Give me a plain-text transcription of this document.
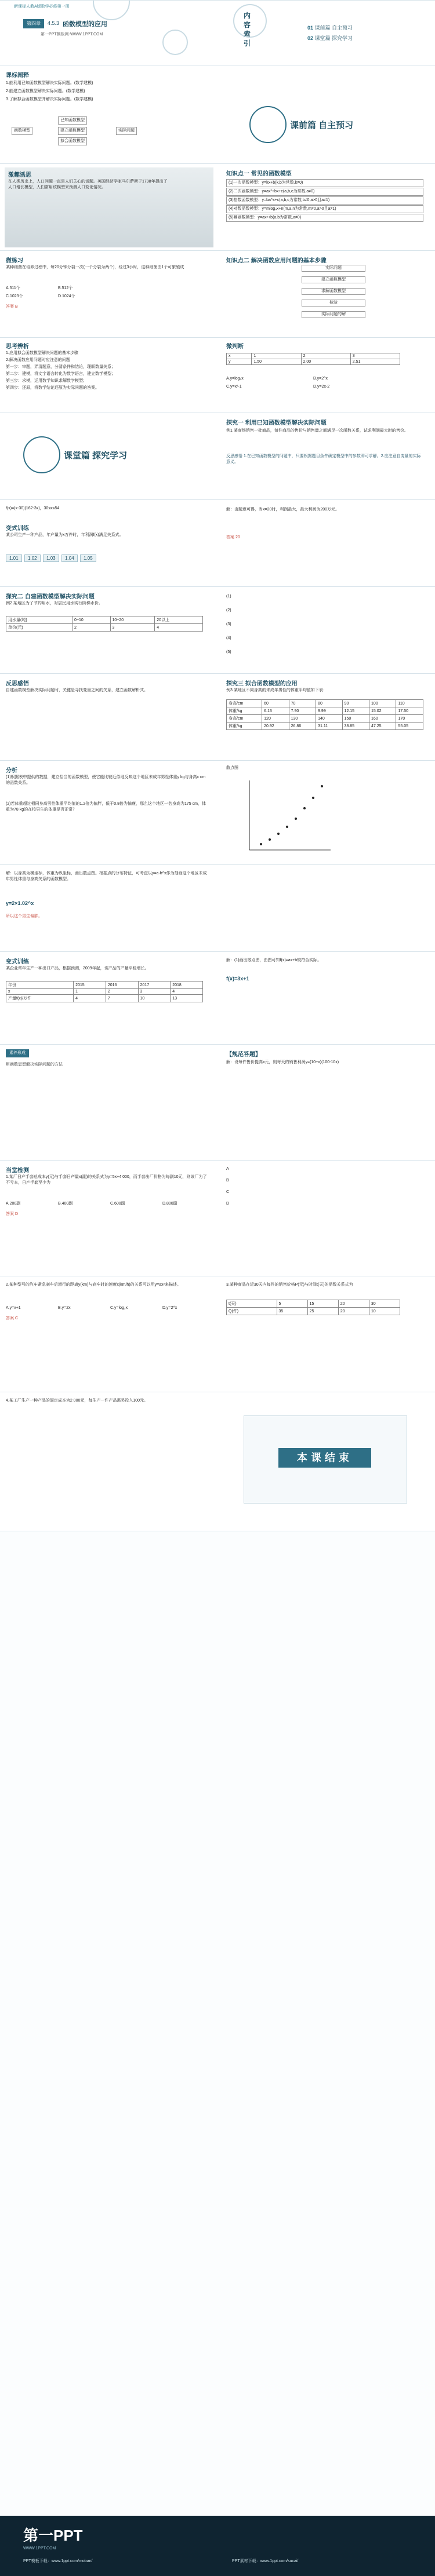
新课标人教A版数学必修第一册
第四章	4.5.3 函数模型的应用
第一PPT模板网-WWW.1PPT.COM
内容索引
01 课前篇 自主预习
02 课堂篇 探究学习
课标阐释
1.能利用已知函数模型解决实际问题。(数学建模)
2.能建立函数模型解决实际问题。(数学建模)
3.了解拟合函数模型并解决实际问题。(数学建模)
函数模型
已知函数模型
建立函数模型
拟合函数模型
实际问题
课前篇 自主预习
激趣诱思
在人类历史上，人口问题一直是人们关心的话题。英国经济学家马尔萨斯于1798年提出了人口增长模型，人们常用该模型来预测人口变化情况。
知识点一 常见的函数模型
(1)一次函数模型：y=kx+b(k,b为常数,k≠0)
(2)二次函数模型：y=ax²+bx+c(a,b,c为常数,a≠0)
(3)指数函数模型：y=ba^x+c(a,b,c为常数,b≠0,a>0且a≠1)
(4)对数函数模型：y=mlogₐx+n(m,a,n为常数,m≠0,a>0且a≠1)
(5)幂函数模型：y=axⁿ+b(a,b为常数,a≠0)
微练习
某种细菌在培养过程中，每20分钟分裂一次(一个分裂为两个)，经过3小时，这种细菌由1个可繁殖成
A.511个	B.512个
C.1023个	D.1024个
答案 B
知识点二 解决函数应用问题的基本步骤
实际问题
建立函数模型
求解函数模型
检验
实际问题的解
思考辨析
1.应用拟合函数模型解决问题的基本步骤
2.解决函数应用问题时应注意的问题
第一步：审题，弄清题意，分清条件和结论，理顺数量关系；
第二步：建模，将文字语言转化为数学语言，建立数学模型；
第三步：求模，运用数学知识求解数学模型；
第四步：还原，将数学结论还原为实际问题的答案。
微判断
x	1	2	3
y	1.50	2.00	2.51
A.y=log₂x	B.y=2^x
C.y=x²-1	D.y=2x-2
课堂篇 探究学习
探究一 利用已知函数模型解决实际问题
例1 某商场销售一批商品，每件商品的售价与销售量之间满足一次函数关系，试求利润最大时的售价。
反思感悟 1.在已知函数模型的问题中，只要根据题目条件确定模型中的参数即可求解。2.应注意自变量的实际意义。
f(x)=(x-30)(162-3x)，30≤x≤54
变式训练
某公司生产一种产品，年产量为x万件时，年利润f(x)满足关系式。
1.01 1.02 1.03 1.04 1.05
解：由题意可得，当x=20时，利润最大，最大利润为200万元。
答案 20
探究二 自建函数模型解决实际问题
例2 某地区为了节约用水，对居民用水实行阶梯水价。
用水量(吨)	0~10	10~20	20以上
单价(元)	2	3	4
(1)
(2)
(3)
(4)
(5)
反思感悟
自建函数模型解决实际问题时，关键是寻找变量之间的关系，建立函数解析式。
探究三 拟合函数模型的应用
例3 某地区不同身高的未成年男性的体重平均值如下表：
身高/cm	60	70	80	90	100	110
体重/kg	6.13	7.90	9.99	12.15	15.02	17.50
身高/cm	120	130	140	150	160	170
体重/kg	20.92	26.86	31.11	38.85	47.25	55.05
分析
(1)根据表中提供的数据，建立恰当的函数模型，使它能比较近似地反映这个地区未成年男性体重y kg与身高x cm的函数关系。
(2)若体重超过相同身高男性体重平均值的1.2倍为偏胖，低于0.8倍为偏瘦，那么这个地区一名身高为175 cm，体重为78 kg的在校男生的体重是否正常？
散点图
解：以身高为横坐标，体重为纵坐标，画出散点图。根据点的分布特征，可考虑以y=a·b^x作为刻画这个地区未成年男性体重与身高关系的函数模型。
y=2×1.02^x
所以这个男生偏胖。
变式训练
某企业常年生产一种出口产品，根据预测，2009年起，该产品的产量平稳增长。
年份	2015	2016	2017	2018
x	1	2	3	4
产量f(x)/万件	4	7	10	13
解：(1)画出散点图，由图可知f(x)=ax+b较符合实际。
f(x)=3x+1
素养形成
用函数思想解决实际问题的方法
【规范答题】
解：设每件售价提高x元，则每天的销售利润y=(10+x)(100-10x)
当堂检测
1.某厂日产手套总成本y(元)与手套日产量x(副)的关系式为y=5x+4 000，而手套出厂价格为每副10元，则该厂为了不亏本，日产手套至少为
A.200副	B.400副	C.600副	D.800副
答案 D
A
B
C
D
2.某种型号的汽车紧急刹车后滑行的距离y(km)与刹车时的速度x(km/h)的关系可以用y=ax²来描述。
A.y=x+1	B.y=2x	C.y=log₂x	D.y=2^x
答案 C
3.某种商品在近30天内每件的销售价格P(元)与时间t(天)的函数关系式为
t(天)	5	15	20	30
Q(件)	35	25	20	10
4.某工厂生产一种产品的固定成本为2 000元，每生产一件产品需另投入100元。
本课结束
第一PPT
WWW.1PPT.COM
PPT模板下载：www.1ppt.com/moban/	PPT素材下载：www.1ppt.com/sucai/
